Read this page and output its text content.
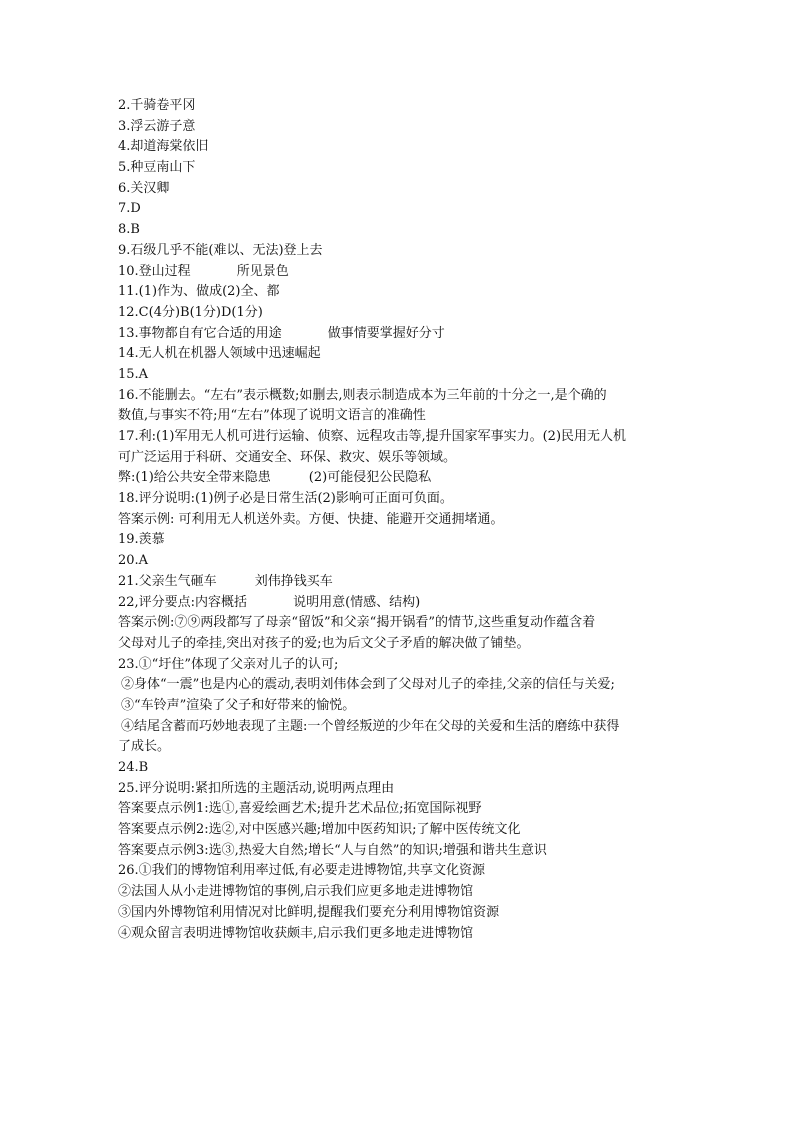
2.千骑卷平冈
3.浮云游子意
4.却道海棠依旧
5.种豆南山下
6.关汉卿
7.D
8.B
9.石级几乎不能(难以、无法)登上去
10.登山过程	所见景色
11.(1)作为、做成(2)全、都
12.C(4分)B(1分)D(1分)
13.事物都自有它合适的用途	做事情要掌握好分寸
14.无人机在机器人领域中迅速崛起
15.A
16.不能删去。“左右”表示概数;如删去,则表示制造成本为三年前的十分之一,是个确的
数值,与事实不符;用“左右”体现了说明文语言的准确性
17.利:(1)军用无人机可进行运输、侦察、远程攻击等,提升国家军事实力。(2)民用无人机
可广泛运用于科研、交通安全、环保、救灾、娱乐等领域。
弊:(1)给公共安全带来隐患	(2)可能侵犯公民隐私
18.评分说明:(1)例子必是日常生活(2)影响可正面可负面。
答案示例: 可利用无人机送外卖。方便、快捷、能避开交通拥堵通。
19.羡慕
20.A
21.父亲生气砸车	刘伟挣钱买车
22,评分要点:内容概括	说明用意(情感、结构)
答案示例:⑦⑨两段都写了母亲“留饭”和父亲“揭开锅看”的情节,这些重复动作蕴含着
父母对儿子的牵挂,突出对孩子的爱;也为后文父子矛盾的解决做了铺垫。
23.①“圩住”体现了父亲对儿子的认可;
②身体“一震”也是内心的震动,表明刘伟体会到了父母对儿子的牵挂,父亲的信任与关爱;
③“车铃声”渲染了父子和好带来的愉悦。
④结尾含蓄而巧妙地表现了主题:一个曾经叛逆的少年在父母的关爱和生活的磨练中获得
了成长。
24.B
25.评分说明:紧扣所选的主题活动,说明两点理由
答案要点示例1:选①,喜爱绘画艺术;提升艺术品位;拓宽国际视野
答案要点示例2:选②,对中医感兴趣;增加中医药知识;了解中医传统文化
答案要点示例3:选③,热爱大自然;增长“人与自然”的知识;增强和谐共生意识
26.①我们的博物馆利用率过低,有必要走进博物馆,共享文化资源
②法国人从小走进博物馆的事例,启示我们应更多地走进博物馆
③国内外博物馆利用情况对比鲜明,提醒我们要充分利用博物馆资源
④观众留言表明进博物馆收获颇丰,启示我们更多地走进博物馆
